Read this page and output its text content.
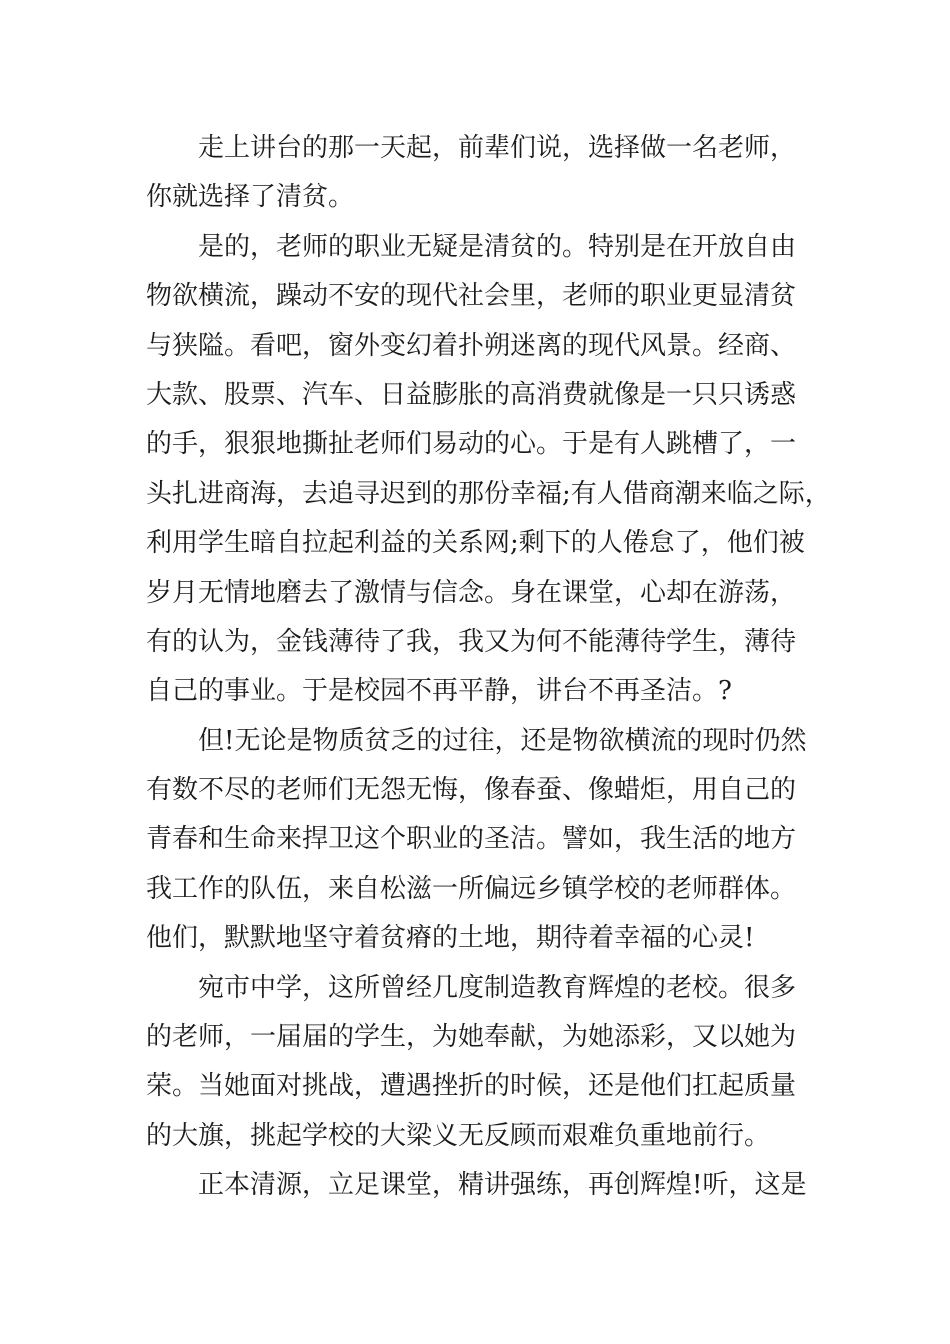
走上讲台的那一天起，前辈们说，选择做一名老师，
你就选择了清贫。
是的，老师的职业无疑是清贫的。特别是在开放自由
物欲横流，躁动不安的现代社会里，老师的职业更显清贫
与狭隘。看吧，窗外变幻着扑朔迷离的现代风景。经商、
大款、股票、汽车、日益膨胀的高消费就像是一只只诱惑
的手，狠狠地撕扯老师们易动的心。于是有人跳槽了，一
头扎进商海，去追寻迟到的那份幸福;有人借商潮来临之际，
利用学生暗自拉起利益的关系网;剩下的人倦怠了，他们被
岁月无情地磨去了激情与信念。身在课堂，心却在游荡，
有的认为，金钱薄待了我，我又为何不能薄待学生，薄待
自己的事业。于是校园不再平静，讲台不再圣洁。?
但!无论是物质贫乏的过往，还是物欲横流的现时仍然
有数不尽的老师们无怨无悔，像春蚕、像蜡炬，用自己的
青春和生命来捍卫这个职业的圣洁。譬如，我生活的地方
我工作的队伍，来自松滋一所偏远乡镇学校的老师群体。
他们，默默地坚守着贫瘠的土地，期待着幸福的心灵!
宛市中学，这所曾经几度制造教育辉煌的老校。很多
的老师，一届届的学生，为她奉献，为她添彩，又以她为
荣。当她面对挑战，遭遇挫折的时候，还是他们扛起质量
的大旗，挑起学校的大梁义无反顾而艰难负重地前行。
正本清源，立足课堂，精讲强练，再创辉煌!听，这是
